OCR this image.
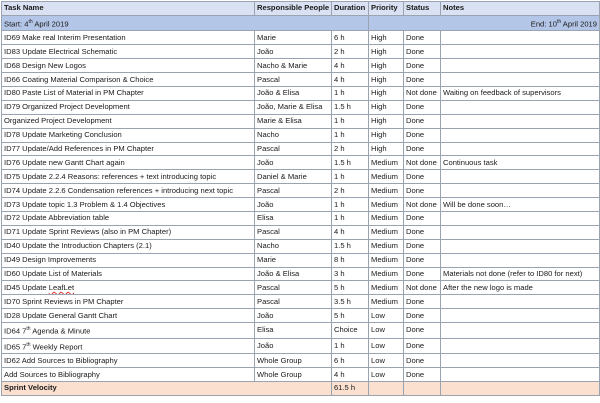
Start: 4th April 2019			End: 10th April 2019		
Task Name	Responsible People	Duration	Priority	Status	Notes
ID69 Make real Interim Presentation	Marie	6 h	High	Done	
ID83 Update Electrical Schematic	João	2 h	High	Done	
ID68 Design New Logos	Nacho & Marie	4 h	High	Done	
ID66 Coating Material Comparison & Choice	Pascal	4 h	High	Done	
ID80 Paste List of Material in PM Chapter	João & Elisa	1 h	High	Not done	Waiting on feedback of supervisors
ID79 Organized Project Development	João, Marie & Elisa	1.5 h	High	Done	
Organized Project Development	Marie & Elisa	1 h	High	Done	
ID78 Update Marketing Conclusion	Nacho	1 h	High	Done	
ID77 Update/Add References in PM Chapter	Pascal	2 h	High	Done	
ID76 Update new Gantt Chart again	João	1.5 h	Medium	Not done	Continuous task
ID75 Update 2.2.4 Reasons: references + text introducing topic	Daniel & Marie	1 h	Medium	Done	
ID74 Update 2.2.6 Condensation references + introducing next topic	Pascal	2 h	Medium	Done	
ID73 Update topic 1.3 Problem & 1.4 Objectives	João	1 h	Medium	Not done	Will be done soon…
ID72 Update Abbreviation table	Elisa	1 h	Medium	Done	
ID71 Update Sprint Reviews (also in PM Chapter)	Pascal	4 h	Medium	Done	
ID40 Update the Introduction Chapters (2.1)	Nacho	1.5 h	Medium	Done	
ID49 Design Improvements	Marie	8 h	Medium	Done	
ID60 Update List of Materials	João & Elisa	3 h	Medium	Done	Materials not done (refer to ID80 for next)
ID45 Update LeafLet	Pascal	5 h	Medium	Not done	After the new logo is made
ID70 Sprint Reviews in PM Chapter	Pascal	3.5 h	Medium	Done	
ID28 Update General Gantt Chart	João	5 h	Low	Done	
ID64 7th Agenda & Minute	Elisa	Choice	Low	Done	
ID65 7th Weekly Report	João	1 h	Low	Done	
ID62 Add Sources to Bibliography	Whole Group	6 h	Low	Done	
Add Sources to Bibliography	Whole Group	4 h	Low	Done	
Sprint Velocity		61.5 h			
